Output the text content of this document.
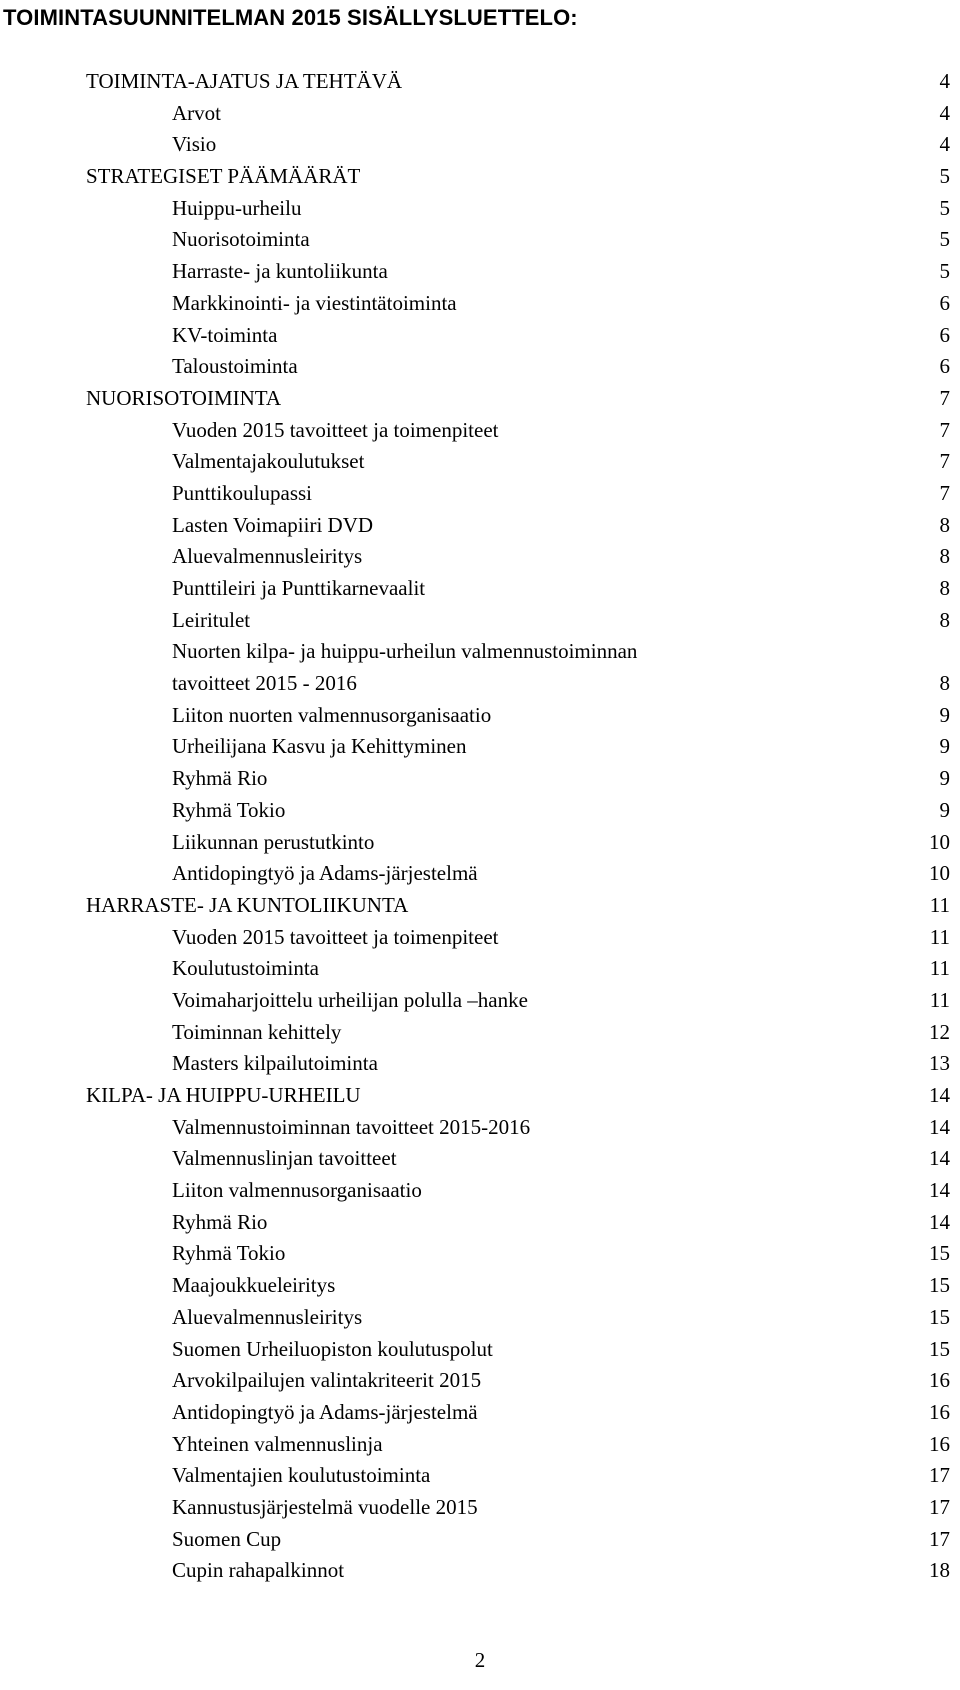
TOIMINTASUUNNITELMAN 2015 SISÄLLYSLUETTELO:
TOIMINTA-AJATUS JA TEHTÄVÄ	4
Arvot	4
Visio	4
STRATEGISET PÄÄMÄÄRÄT	5
Huippu-urheilu	5
Nuorisotoiminta	5
Harraste- ja kuntoliikunta	5
Markkinointi- ja viestintätoiminta	6
KV-toiminta	6
Taloustoiminta	6
NUORISOTOIMINTA	7
Vuoden 2015 tavoitteet ja toimenpiteet	7
Valmentajakoulutukset	7
Punttikoulupassi	7
Lasten Voimapiiri DVD	8
Aluevalmennusleiritys	8
Punttileiri ja Punttikarnevaalit	8
Leiritulet	8
Nuorten kilpa- ja huippu-urheilun valmennustoiminnan
tavoitteet 2015 - 2016	8
Liiton nuorten valmennusorganisaatio	9
Urheilijana Kasvu ja Kehittyminen	9
Ryhmä Rio	9
Ryhmä Tokio	9
Liikunnan perustutkinto	10
Antidopingtyö ja Adams-järjestelmä	10
HARRASTE- JA KUNTOLIIKUNTA	11
Vuoden 2015 tavoitteet ja toimenpiteet	11
Koulutustoiminta	11
Voimaharjoittelu urheilijan polulla –hanke	11
Toiminnan kehittely	12
Masters kilpailutoiminta	13
KILPA- JA HUIPPU-URHEILU	14
Valmennustoiminnan tavoitteet 2015-2016	14
Valmennuslinjan tavoitteet	14
Liiton valmennusorganisaatio	14
Ryhmä Rio	14
Ryhmä Tokio	15
Maajoukkueleiritys	15
Aluevalmennusleiritys	15
Suomen Urheiluopiston koulutuspolut	15
Arvokilpailujen valintakriteerit 2015	16
Antidopingtyö ja Adams-järjestelmä	16
Yhteinen valmennuslinja	16
Valmentajien koulutustoiminta	17
Kannustusjärjestelmä vuodelle 2015	17
Suomen Cup	17
Cupin rahapalkinnot	18
2
